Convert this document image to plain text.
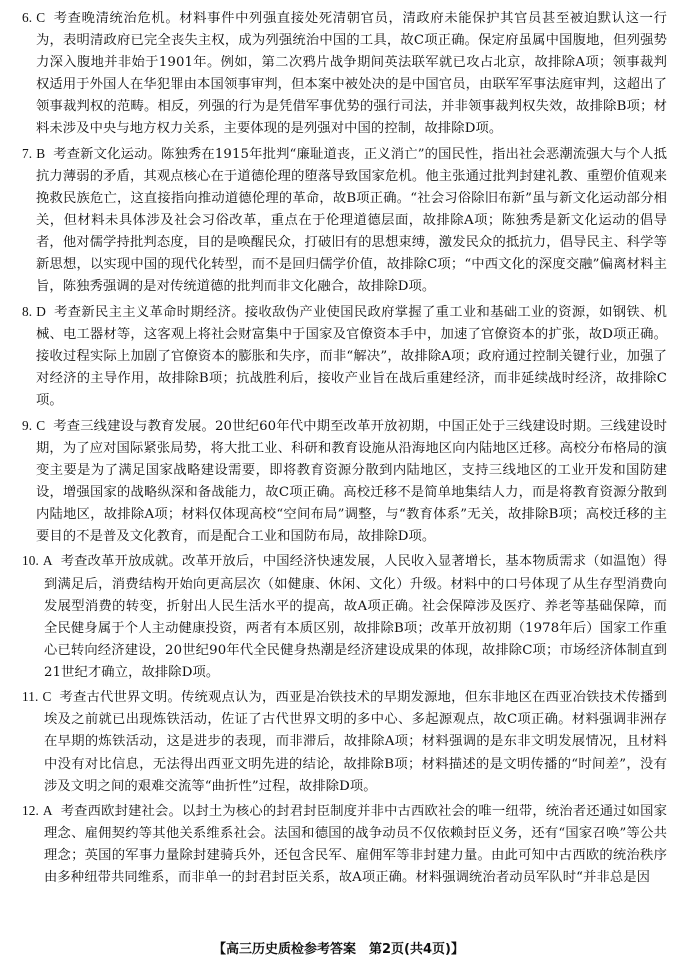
6. C 考查晚清统治危机。材料事件中列强直接处死清朝官员，清政府未能保护其官员甚至被迫默认这一行为，表明清政府已完全丧失主权，成为列强统治中国的工具，故C项正确。保定府虽属中国腹地，但列强势力深入腹地并非始于1901年。例如，第二次鸦片战争期间英法联军就已攻占北京，故排除A项；领事裁判权适用于外国人在华犯罪由本国领事审判，但本案中被处决的是中国官员，由联军军事法庭审判，这超出了领事裁判权的范畴。相反，列强的行为是凭借军事优势的强行司法，并非领事裁判权失效，故排除B项；材料未涉及中央与地方权力关系，主要体现的是列强对中国的控制，故排除D项。

7. B 考查新文化运动。陈独秀在1915年批判“廉耻道丧，正义消亡”的国民性，指出社会恶潮流强大与个人抵抗力薄弱的矛盾，其观点核心在于道德伦理的堕落导致国家危机。他主张通过批判封建礼教、重塑价值观来挽救民族危亡，这直接指向推动道德伦理的革命，故B项正确。“社会习俗除旧布新”虽与新文化运动部分相关，但材料未具体涉及社会习俗改革，重点在于伦理道德层面，故排除A项；陈独秀是新文化运动的倡导者，他对儒学持批判态度，目的是唤醒民众，打破旧有的思想束缚，激发民众的抵抗力，倡导民主、科学等新思想，以实现中国的现代化转型，而不是回归儒学价值，故排除C项；“中西文化的深度交融”偏离材料主旨，陈独秀强调的是对传统道德的批判而非文化融合，故排除D项。

8. D 考查新民主主义革命时期经济。接收敌伪产业使国民政府掌握了重工业和基础工业的资源，如钢铁、机械、电工器材等，这客观上将社会财富集中于国家及官僚资本手中，加速了官僚资本的扩张，故D项正确。接收过程实际上加剧了官僚资本的膨胀和失序，而非“解决”，故排除A项；政府通过控制关键行业，加强了对经济的主导作用，故排除B项；抗战胜利后，接收产业旨在战后重建经济，而非延续战时经济，故排除C项。

9. C 考查三线建设与教育发展。20世纪60年代中期至改革开放初期，中国正处于三线建设时期。三线建设时期，为了应对国际紧张局势，将大批工业、科研和教育设施从沿海地区向内陆地区迁移。高校分布格局的演变主要是为了满足国家战略建设需要，即将教育资源分散到内陆地区，支持三线地区的工业开发和国防建设，增强国家的战略纵深和备战能力，故C项正确。高校迁移不是简单地集结人力，而是将教育资源分散到内陆地区，故排除A项；材料仅体现高校“空间布局”调整，与“教育体系”无关，故排除B项；高校迁移的主要目的不是普及文化教育，而是配合工业和国防布局，故排除D项。

10. A 考查改革开放成就。改革开放后，中国经济快速发展，人民收入显著增长，基本物质需求（如温饱）得到满足后，消费结构开始向更高层次（如健康、休闲、文化）升级。材料中的口号体现了从生存型消费向发展型消费的转变，折射出人民生活水平的提高，故A项正确。社会保障涉及医疗、养老等基础保障，而全民健身属于个人主动健康投资，两者有本质区别，故排除B项；改革开放初期（1978年后）国家工作重心已转向经济建设，20世纪90年代全民健身热潮是经济建设成果的体现，故排除C项；市场经济体制直到21世纪才确立，故排除D项。

11. C 考查古代世界文明。传统观点认为，西亚是冶铁技术的早期发源地，但东非地区在西亚冶铁技术传播到埃及之前就已出现炼铁活动，佐证了古代世界文明的多中心、多起源观点，故C项正确。材料强调非洲存在早期的炼铁活动，这是进步的表现，而非滞后，故排除A项；材料强调的是东非文明发展情况，且材料中没有对比信息，无法得出西亚文明先进的结论，故排除B项；材料描述的是文明传播的“时间差”，没有涉及文明之间的艰难交流等“曲折性”过程，故排除D项。

12. A 考查西欧封建社会。以封土为核心的封君封臣制度并非中古西欧社会的唯一纽带，统治者还通过如国家理念、雇佣契约等其他关系维系社会。法国和德国的战争动员不仅依赖封臣义务，还有“国家召唤”等公共理念；英国的军事力量除封建骑兵外，还包含民军、雇佣军等非封建力量。由此可知中古西欧的统治秩序由多种纽带共同维系，而非单一的封君封臣关系，故A项正确。材料强调统治者动员军队时“并非总是因

【高三历史质检参考答案　第2页(共4页)】
